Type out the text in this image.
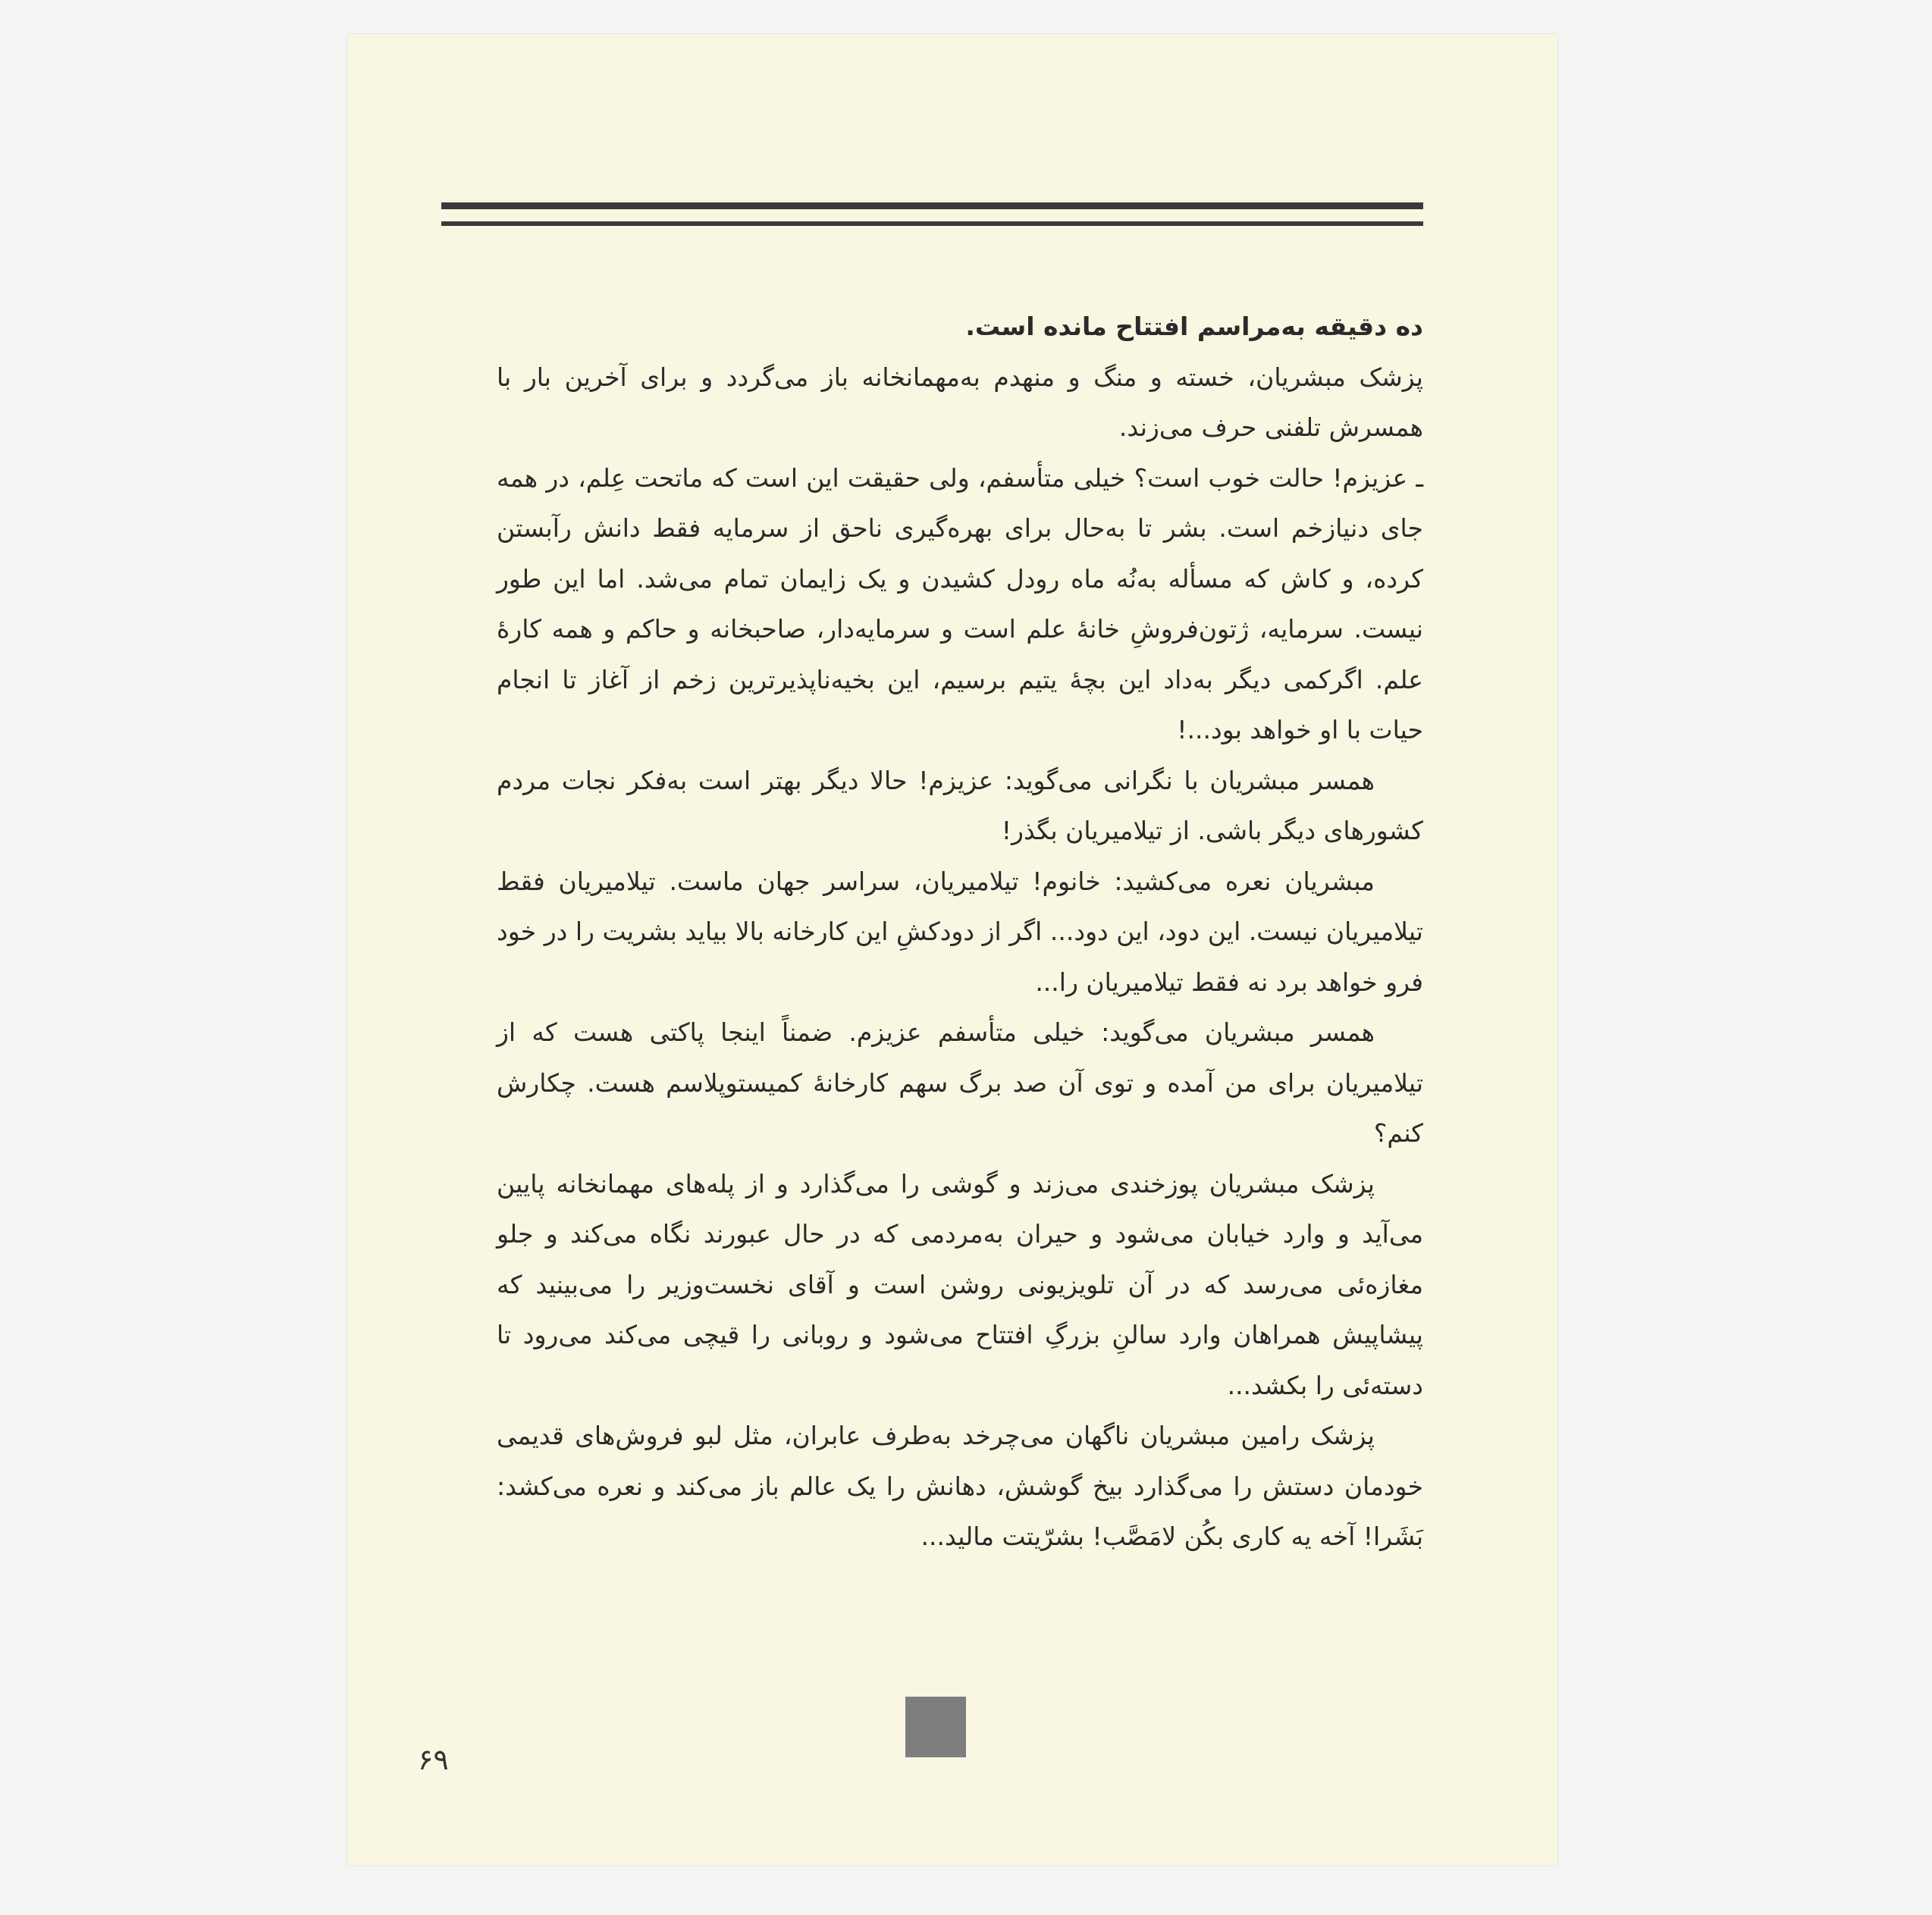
ده دقیقه به‌مراسم افتتاح مانده است.

پزشک مبشریان، خسته و منگ و منهدم به‌مهمانخانه باز می‌گردد و برای آخرین بار با همسرش تلفنی حرف می‌زند.

ـ عزیزم! حالت خوب است؟ خیلی متأسفم، ولی حقیقت این است که ماتحت عِلم، در همه جای دنیازخم است. بشر تا به‌حال برای بهره‌گیری ناحق از سرمایه فقط دانش رآبستن کرده، و کاش که مسأله به‌نُه ماه رودل کشیدن و یک زایمان تمام می‌شد. اما این طور نیست. سرمایه، ژتون‌فروشِ خانهٔ علم است و سرمایه‌دار، صاحبخانه و حاکم و همه کارهٔ علم. اگرکمی دیگر به‌داد این بچهٔ یتیم برسیم، این بخیه‌ناپذیرترین زخم از آغاز تا انجام حیات با او خواهد بود...!

همسر مبشریان با نگرانی می‌گوید: عزیزم! حالا دیگر بهتر است به‌فکر نجات مردم کشورهای دیگر باشی. از تیلامیریان بگذر!

مبشریان نعره می‌کشید: خانوم! تیلامیریان، سراسر جهان ماست. تیلامیریان فقط تیلامیریان نیست. این دود، این دود... اگر از دودکشِ این کارخانه بالا بیاید بشریت را در خود فرو خواهد برد نه فقط تیلامیریان را...

همسر مبشریان می‌گوید: خیلی متأسفم عزیزم. ضمناً اینجا پاکتی هست که از تیلامیریان برای من آمده و توی آن صد برگ سهم کارخانهٔ کمیستوپلاسم هست. چکارش کنم؟

پزشک مبشریان پوزخندی می‌زند و گوشی را می‌گذارد و از پله‌های مهمانخانه پایین می‌آید و وارد خیابان می‌شود و حیران به‌مردمی که در حال عبورند نگاه می‌کند و جلو مغازه‌ئی می‌رسد که در آن تلویزیونی روشن است و آقای نخست‌وزیر را می‌بینید که پیشاپیش همراهان وارد سالنِ بزرگِ افتتاح می‌شود و روبانی را قیچی می‌کند می‌رود تا دسته‌ئی را بکشد...

پزشک رامین مبشریان ناگهان می‌چرخد به‌طرف عابران، مثل لبو فروش‌های قدیمی خودمان دستش را می‌گذارد بیخ گوشش، دهانش را یک عالم باز می‌کند و نعره می‌کشد: بَشَرا! آخه یه کاری بکُن لامَصَّب! بشرّیتت مالید...

۶۹
